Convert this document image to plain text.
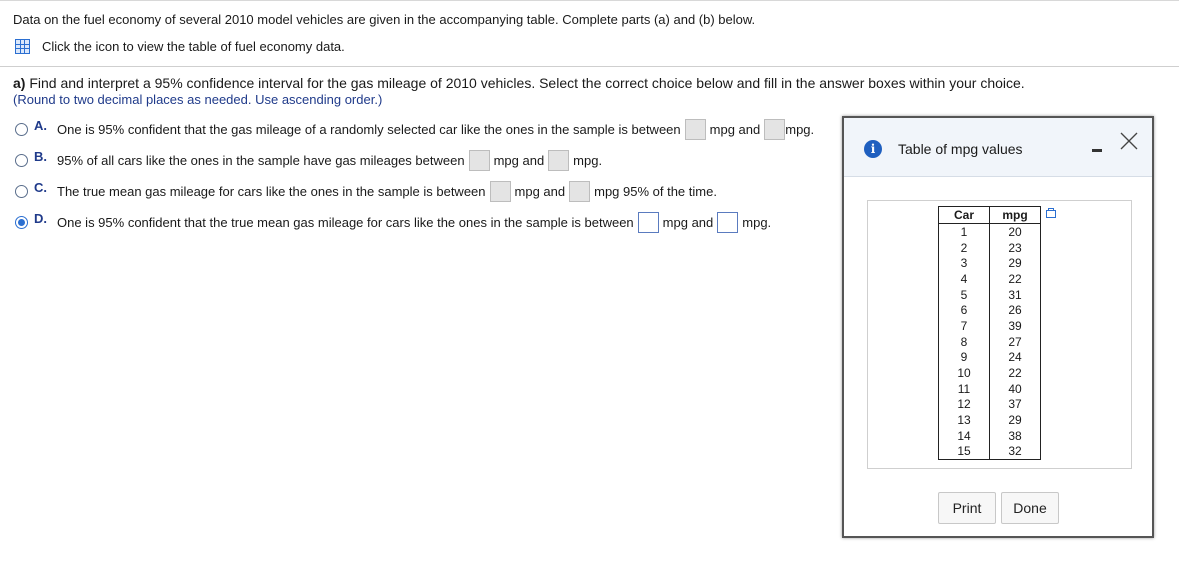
Data on the fuel economy of several 2010 model vehicles are given in the accompanying table. Complete parts (a) and (b) below.
Click the icon to view the table of fuel economy data.
a) Find and interpret a 95% confidence interval for the gas mileage of 2010 vehicles. Select the correct choice below and fill in the answer boxes within your choice.
(Round to two decimal places as needed. Use ascending order.)
A. One is 95% confident that the gas mileage of a randomly selected car like the ones in the sample is between mpg and mpg.
B. 95% of all cars like the ones in the sample have gas mileages between mpg and mpg.
C. The true mean gas mileage for cars like the ones in the sample is between mpg and mpg 95% of the time.
D. One is 95% confident that the true mean gas mileage for cars like the ones in the sample is between mpg and mpg.
i	Table of mpg values
Car	mpg
1	20
2	23
3	29
4	22
5	31
6	26
7	39
8	27
9	24
10	22
11	40
12	37
13	29
14	38
15	32
Print	Done
